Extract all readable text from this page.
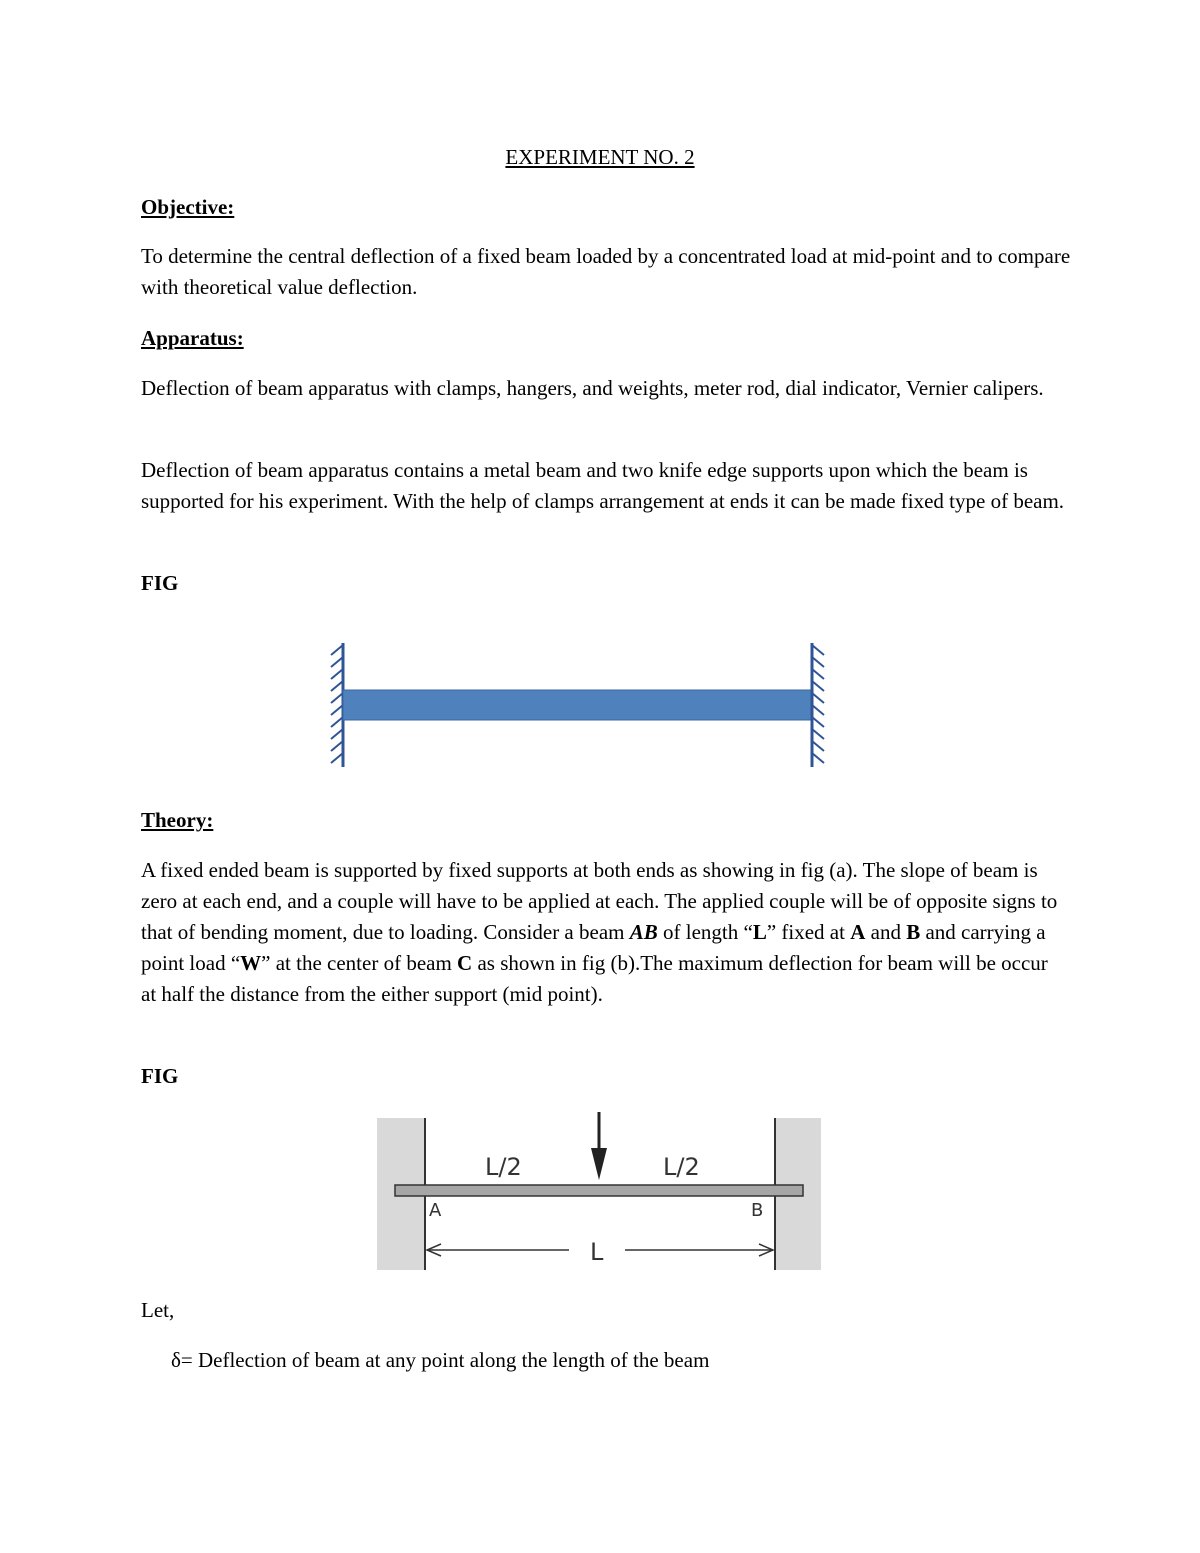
EXPERIMENT NO. 2

Objective:

To determine the central deflection of a fixed beam loaded by a concentrated load at mid-point and to compare with theoretical value deflection.

Apparatus:

Deflection of beam apparatus with clamps, hangers, and weights, meter rod, dial indicator, Vernier calipers.

Deflection of beam apparatus contains a metal beam and two knife edge supports upon which the beam is supported for his experiment. With the help of clamps arrangement at ends it can be made fixed type of beam.

FIG

Theory:

A fixed ended beam is supported by fixed supports at both ends as showing in fig (a). The slope of beam is zero at each end, and a couple will have to be applied at each. The applied couple will be of opposite signs to that of bending moment, due to loading. Consider a beam AB of length “L” fixed at A and B and carrying a point load “W” at the center of beam C as shown in fig (b).The maximum deflection for beam will be occur at half the distance from the either support (mid point).

FIG

L/2	L/2
A	B
L

Let,

δ= Deflection of beam at any point along the length of the beam
